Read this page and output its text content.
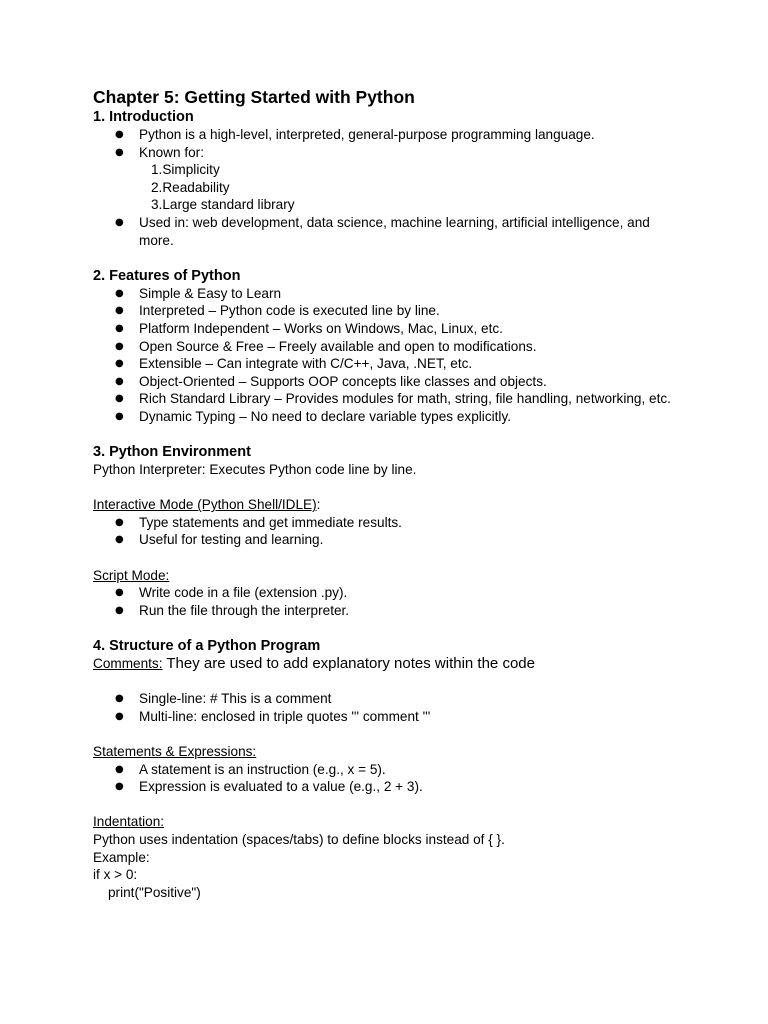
Chapter 5: Getting Started with Python
1. Introduction
● Python is a high-level, interpreted, general-purpose programming language.
● Known for:
1.Simplicity
2.Readability
3.Large standard library
● Used in: web development, data science, machine learning, artificial intelligence, and more.
2. Features of Python
● Simple & Easy to Learn
● Interpreted – Python code is executed line by line.
● Platform Independent – Works on Windows, Mac, Linux, etc.
● Open Source & Free – Freely available and open to modifications.
● Extensible – Can integrate with C/C++, Java, .NET, etc.
● Object-Oriented – Supports OOP concepts like classes and objects.
● Rich Standard Library – Provides modules for math, string, file handling, networking, etc.
● Dynamic Typing – No need to declare variable types explicitly.
3. Python Environment

Python Interpreter: Executes Python code line by line.

Interactive Mode (Python Shell/IDLE):

● Type statements and get immediate results.
● Useful for testing and learning.

Script Mode:

● Write code in a file (extension .py).
● Run the file through the interpreter.
4. Structure of a Python Program

Comments: They are used to add explanatory notes within the code

● Single-line: # This is a comment
● Multi-line: enclosed in triple quotes ''' comment '''

Statements & Expressions:

● A statement is an instruction (e.g., x = 5).
● Expression is evaluated to a value (e.g., 2 + 3).

Indentation:

Python uses indentation (spaces/tabs) to define blocks instead of { }.

Example:

if x > 0:

print("Positive")
